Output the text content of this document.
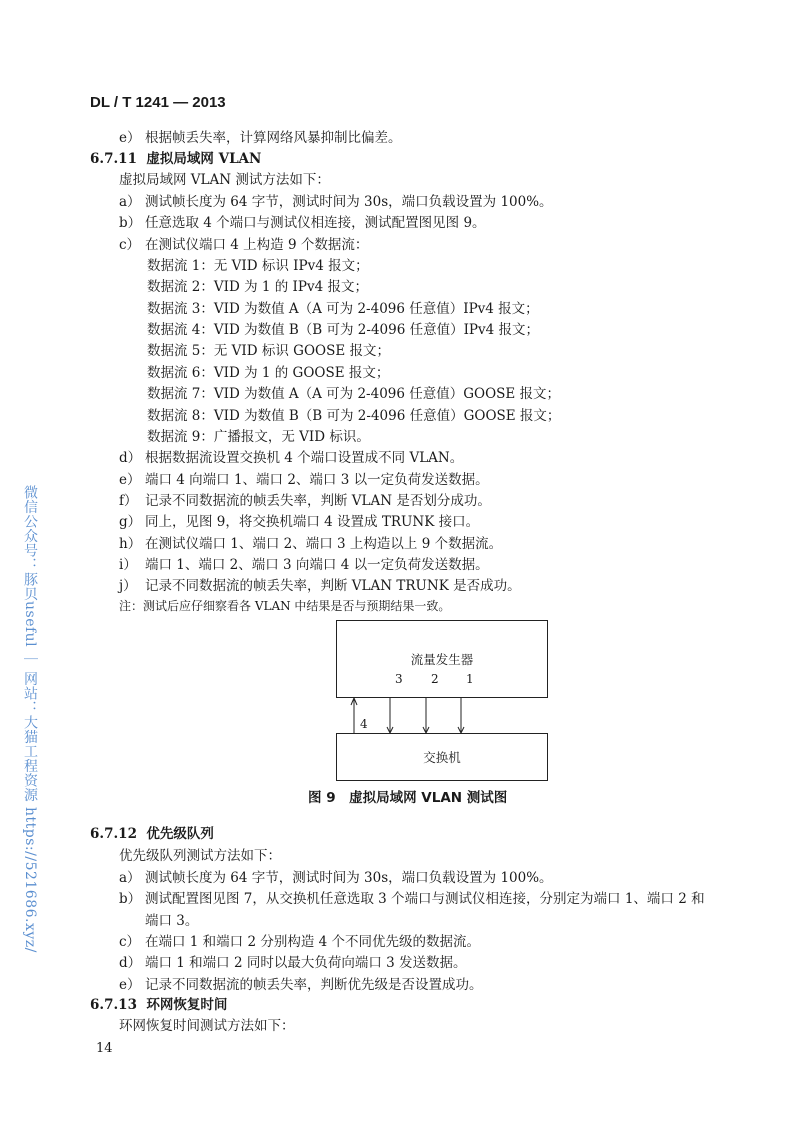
微信公众号：豚贝useful ｜ 网站：大猫工程资源 https://521686.xyz/
DL / T 1241 — 2013
e） 根据帧丢失率，计算网络风暴抑制比偏差。
6.7.11 虚拟局域网 VLAN
虚拟局域网 VLAN 测试方法如下：
a） 测试帧长度为 64 字节，测试时间为 30s，端口负载设置为 100%。
b） 任意选取 4 个端口与测试仪相连接，测试配置图见图 9。
c） 在测试仪端口 4 上构造 9 个数据流：
数据流 1：无 VID 标识 IPv4 报文；
数据流 2：VID 为 1 的 IPv4 报文；
数据流 3：VID 为数值 A（A 可为 2-4096 任意值）IPv4 报文；
数据流 4：VID 为数值 B（B 可为 2-4096 任意值）IPv4 报文；
数据流 5：无 VID 标识 GOOSE 报文；
数据流 6：VID 为 1 的 GOOSE 报文；
数据流 7：VID 为数值 A（A 可为 2-4096 任意值）GOOSE 报文；
数据流 8：VID 为数值 B（B 可为 2-4096 任意值）GOOSE 报文；
数据流 9：广播报文，无 VID 标识。
d） 根据数据流设置交换机 4 个端口设置成不同 VLAN。
e） 端口 4 向端口 1、端口 2、端口 3 以一定负荷发送数据。
f） 记录不同数据流的帧丢失率，判断 VLAN 是否划分成功。
g） 同上，见图 9，将交换机端口 4 设置成 TRUNK 接口。
h） 在测试仪端口 1、端口 2、端口 3 上构造以上 9 个数据流。
i） 端口 1、端口 2、端口 3 向端口 4 以一定负荷发送数据。
j） 记录不同数据流的帧丢失率，判断 VLAN TRUNK 是否成功。
注：测试后应仔细察看各 VLAN 中结果是否与预期结果一致。
流量发生器
交换机
3 2 1
4
图 9　虚拟局域网 VLAN 测试图
6.7.12 优先级队列
优先级队列测试方法如下：
a） 测试帧长度为 64 字节，测试时间为 30s，端口负载设置为 100%。
b） 测试配置图见图 7，从交换机任意选取 3 个端口与测试仪相连接，分别定为端口 1、端口 2 和
端口 3。
c） 在端口 1 和端口 2 分别构造 4 个不同优先级的数据流。
d） 端口 1 和端口 2 同时以最大负荷向端口 3 发送数据。
e） 记录不同数据流的帧丢失率，判断优先级是否设置成功。
6.7.13 环网恢复时间
环网恢复时间测试方法如下：
14
